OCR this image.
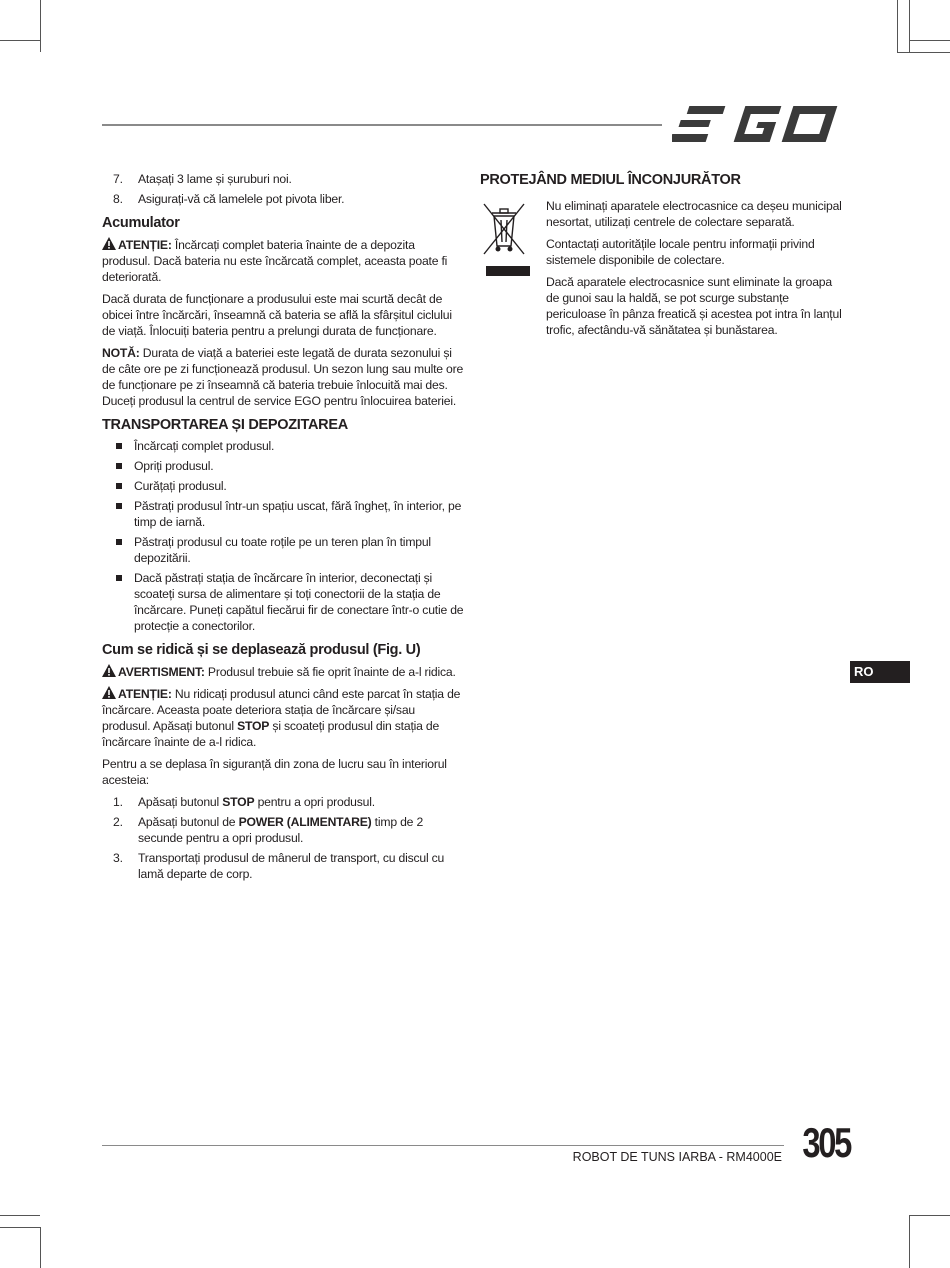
7. Atașați 3 lame și șuruburi noi.
8. Asigurați-vă că lamelele pot pivota liber.
Acumulator

ATENȚIE: Încărcați complet bateria înainte de a depozita produsul. Dacă bateria nu este încărcată complet, aceasta poate fi deteriorată.

Dacă durata de funcționare a produsului este mai scurtă decât de obicei între încărcări, înseamnă că bateria se află la sfârșitul ciclului de viață. Înlocuiți bateria pentru a prelungi durata de funcționare.

NOTĂ: Durata de viață a bateriei este legată de durata sezonului și de câte ore pe zi funcționează produsul. Un sezon lung sau multe ore de funcționare pe zi înseamnă că bateria trebuie înlocuită mai des. Duceți produsul la centrul de service EGO pentru înlocuirea bateriei.

TRANSPORTAREA ȘI DEPOZITAREA
Încărcați complet produsul.
Opriți produsul.
Curățați produsul.
Păstrați produsul într-un spațiu uscat, fără îngheț, în interior, pe timp de iarnă.
Păstrați produsul cu toate roțile pe un teren plan în timpul depozitării.
Dacă păstrați stația de încărcare în interior, deconectați și scoateți sursa de alimentare și toți conectorii de la stația de încărcare. Puneți capătul fiecărui fir de conectare într-o cutie de protecție a conectorilor.
Cum se ridică și se deplasează produsul (Fig. U)

AVERTISMENT: Produsul trebuie să fie oprit înainte de a-l ridica.

ATENȚIE: Nu ridicați produsul atunci când este parcat în stația de încărcare. Aceasta poate deteriora stația de încărcare și/sau produsul. Apăsați butonul STOP și scoateți produsul din stația de încărcare înainte de a-l ridica.

Pentru a se deplasa în siguranță din zona de lucru sau în interiorul acesteia:

1. Apăsați butonul STOP pentru a opri produsul.
2. Apăsați butonul de POWER (ALIMENTARE) timp de 2 secunde pentru a opri produsul.
3. Transportați produsul de mânerul de transport, cu discul cu lamă departe de corp.
PROTEJÂND MEDIUL ÎNCONJURĂTOR

Nu eliminați aparatele electrocasnice ca deșeu municipal nesortat, utilizați centrele de colectare separată.

Contactați autoritățile locale pentru informații privind sistemele disponibile de colectare.

Dacă aparatele electrocasnice sunt eliminate la groapa de gunoi sau la haldă, se pot scurge substanțe periculoase în pânza freatică și acestea pot intra în lanțul trofic, afectându-vă sănătatea și bunăstarea.

RO
ROBOT DE TUNS IARBA - RM4000E 305
